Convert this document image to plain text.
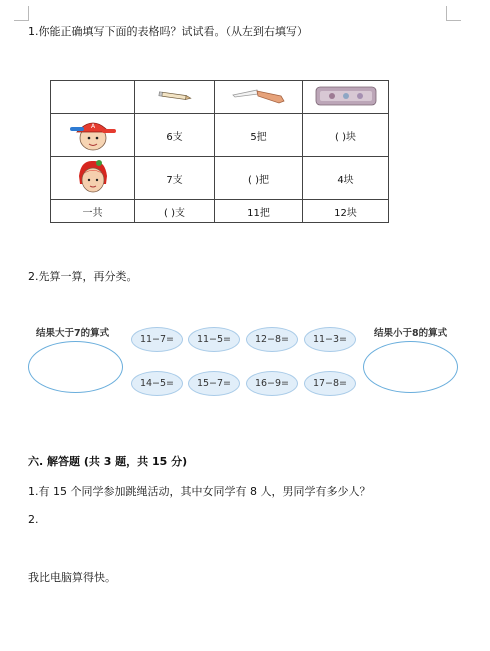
1.你能正确填写下面的表格吗？试试看。（从左到右填写）

A	6支	5把	( )块
	7支	( )把	4块
一共	( )支	11把	12块
2.先算一算，再分类。
结果大于7的算式	结果小于8的算式
11−7=	11−5=	12−8=	11−3=
14−5=	15−7=	16−9=	17−8=
六. 解答题 (共 3 题，共 15 分)
1.有 15 个同学参加跳绳活动，其中女同学有 8 人，男同学有多少人？
2.
我比电脑算得快。
